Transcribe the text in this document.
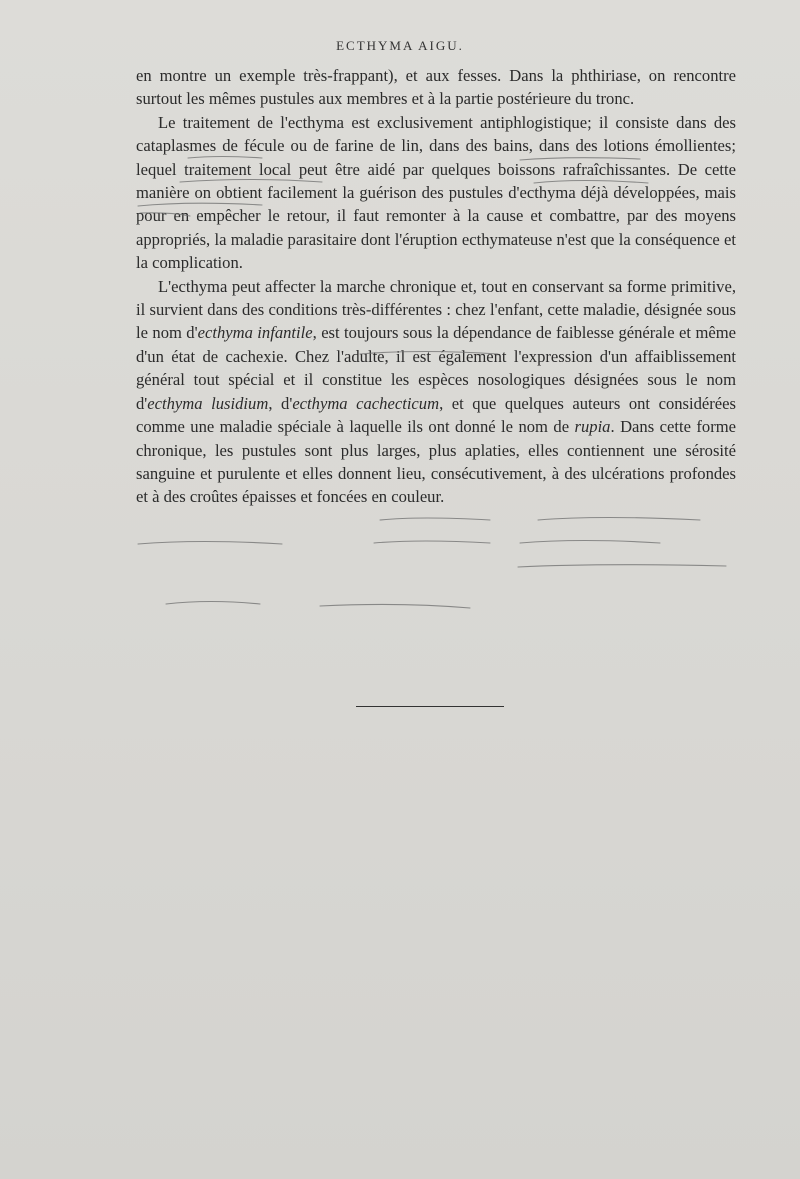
ECTHYMA AIGU.

en montre un exemple très-frappant), et aux fesses. Dans la phthiriase, on rencontre surtout les mêmes pustules aux membres et à la partie postérieure du tronc.

Le traitement de l'ecthyma est exclusivement antiphlogistique; il consiste dans des cataplasmes de fécule ou de farine de lin, dans des bains, dans des lotions émollientes; lequel traitement local peut être aidé par quelques boissons rafraîchissantes. De cette manière on obtient facilement la guérison des pustules d'ecthyma déjà développées, mais pour en empêcher le retour, il faut remonter à la cause et combattre, par des moyens appropriés, la maladie parasitaire dont l'éruption ecthymateuse n'est que la conséquence et la complication.

L'ecthyma peut affecter la marche chronique et, tout en conservant sa forme primitive, il survient dans des conditions très-différentes : chez l'enfant, cette maladie, désignée sous le nom d'ecthyma infantile, est toujours sous la dépendance de faiblesse générale et même d'un état de cachexie. Chez l'adulte, il est également l'expression d'un affaiblissement général tout spécial et il constitue les espèces nosologiques désignées sous le nom d'ecthyma lusidium, d'ecthyma cachecticum, et que quelques auteurs ont considérées comme une maladie spéciale à laquelle ils ont donné le nom de rupia. Dans cette forme chronique, les pustules sont plus larges, plus aplaties, elles contiennent une sérosité sanguine et purulente et elles donnent lieu, consécutivement, à des ulcérations profondes et à des croûtes épaisses et foncées en couleur.
